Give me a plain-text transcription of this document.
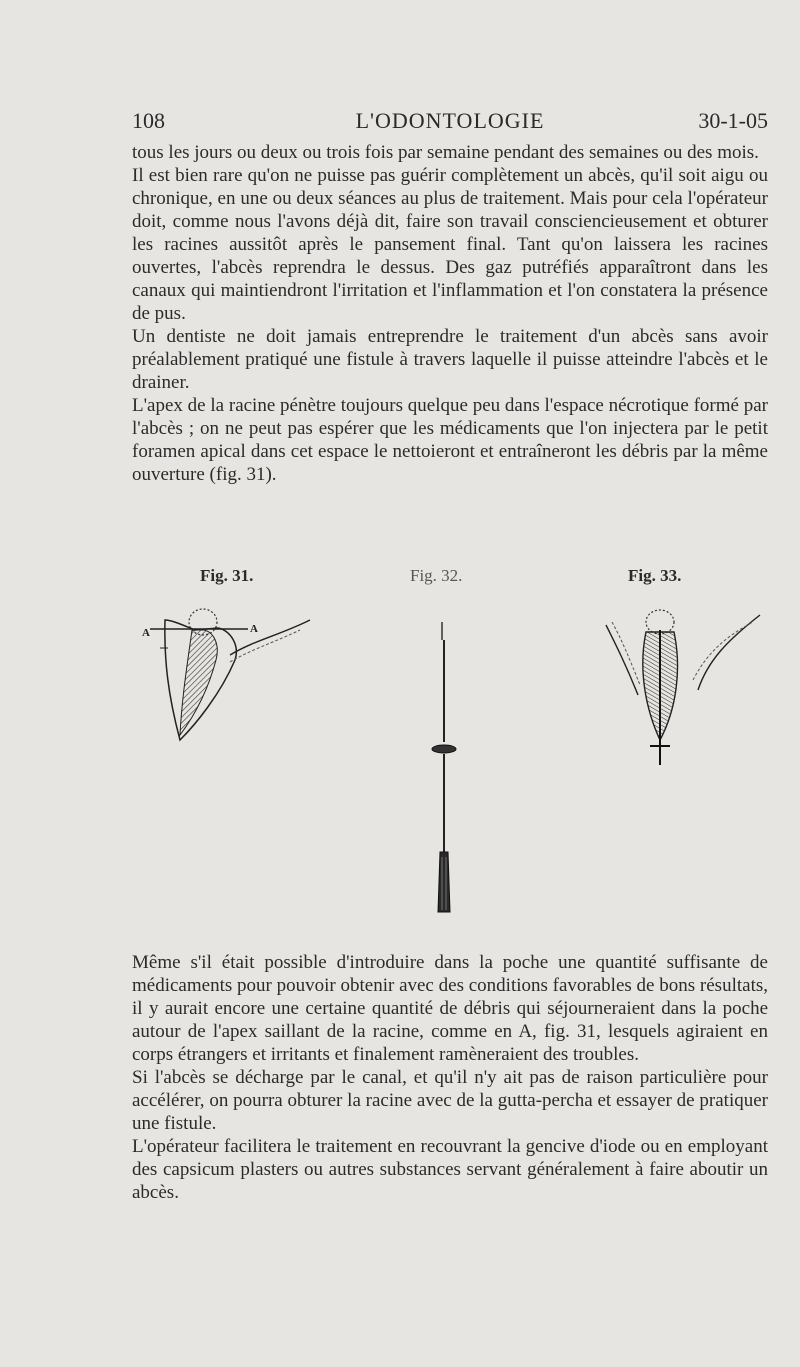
108	L'ODONTOLOGIE	30-1-05

tous les jours ou deux ou trois fois par semaine pendant des semaines ou des mois.

Il est bien rare qu'on ne puisse pas guérir complètement un abcès, qu'il soit aigu ou chronique, en une ou deux séances au plus de traitement. Mais pour cela l'opérateur doit, comme nous l'avons déjà dit, faire son travail consciencieusement et obturer les racines aussitôt après le pansement final. Tant qu'on laissera les racines ouvertes, l'abcès reprendra le dessus. Des gaz putréfiés apparaîtront dans les canaux qui maintiendront l'irritation et l'inflammation et l'on constatera la présence de pus.

Un dentiste ne doit jamais entreprendre le traitement d'un abcès sans avoir préalablement pratiqué une fistule à travers laquelle il puisse atteindre l'abcès et le drainer.

L'apex de la racine pénètre toujours quelque peu dans l'espace nécrotique formé par l'abcès ; on ne peut pas espérer que les médicaments que l'on injectera par le petit foramen apical dans cet espace le nettoieront et entraîneront les débris par la même ouverture (fig. 31).

Fig. 31.	Fig. 32.	Fig. 33.
A	A

Même s'il était possible d'introduire dans la poche une quantité suffisante de médicaments pour pouvoir obtenir avec des conditions favorables de bons résultats, il y aurait encore une certaine quantité de débris qui séjourneraient dans la poche autour de l'apex saillant de la racine, comme en A, fig. 31, lesquels agiraient en corps étrangers et irritants et finalement ramèneraient des troubles.

Si l'abcès se décharge par le canal, et qu'il n'y ait pas de raison particulière pour accélérer, on pourra obturer la racine avec de la gutta-percha et essayer de pratiquer une fistule.

L'opérateur facilitera le traitement en recouvrant la gencive d'iode ou en employant des capsicum plasters ou autres substances servant généralement à faire aboutir un abcès.
